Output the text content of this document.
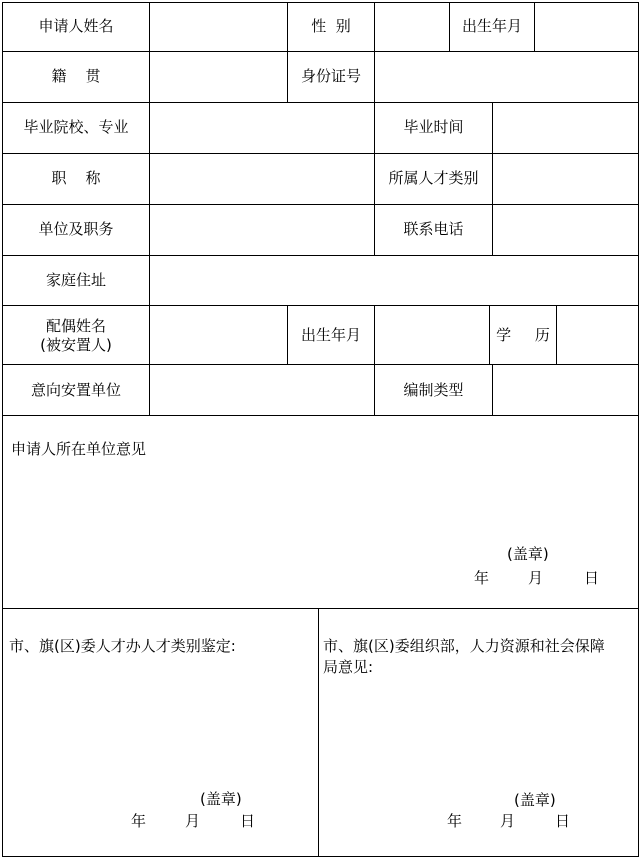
申请人姓名	性  别	出生年月
籍    贯	身份证号
毕业院校、专业	毕业时间
职    称	所属人才类别
单位及职务	联系电话
家庭住址
配偶姓名
(被安置人)
出生年月	学     历
意向安置单位	编制类型
申请人所在单位意见
(盖章)
年	月	日
市、旗(区)委人才办人才类别鉴定:
(盖章)
年	月	日
市、旗(区)委组织部，人力资源和社会保障
局意见:
(盖章)
年	月	日
